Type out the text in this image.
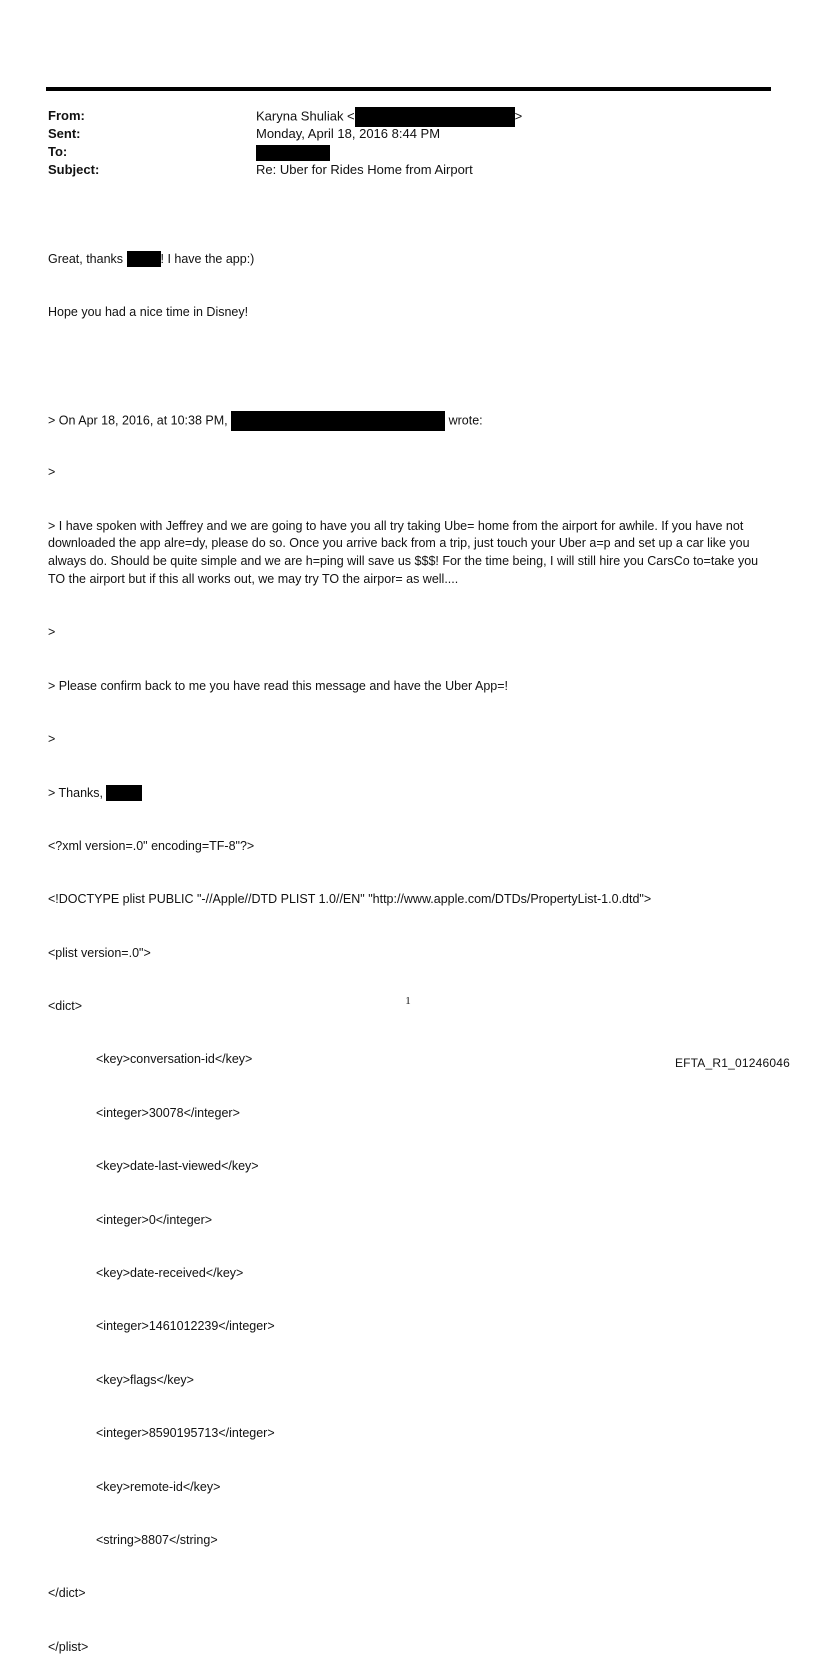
From:	Karyna Shuliak <	>
Sent:	Monday, April 18, 2016 8:44 PM
To:
Subject:	Re: Uber for Rides Home from Airport

Great, thanks	! I have the app:)

Hope you had a nice time in Disney!

> On Apr 18, 2016, at 10:38 PM,	wrote:

>

> I have spoken with Jeffrey and we are going to have you all try taking Ube= home from the airport for awhile. If you have not downloaded the app alre=dy, please do so. Once you arrive back from a trip, just touch your Uber a=p and set up a car like you always do. Should be quite simple and we are h=ping will save us $$$! For the time being, I will still hire you CarsCo to=take you TO the airport but if this all works out, we may try TO the airpor= as well....

>

> Please confirm back to me you have read this message and have the Uber App=!

>

> Thanks,

<?xml version=.0" encoding=TF-8"?>

<!DOCTYPE plist PUBLIC "-//Apple//DTD PLIST 1.0//EN" "http://www.apple.com/DTDs/PropertyList-1.0.dtd">

<plist version=.0">

<dict>

<key>conversation-id</key>

<integer>30078</integer>

<key>date-last-viewed</key>

<integer>0</integer>

<key>date-received</key>

<integer>1461012239</integer>

<key>flags</key>

<integer>8590195713</integer>

<key>remote-id</key>

<string>8807</string>

</dict>

</plist>

1
EFTA_R1_01246046
